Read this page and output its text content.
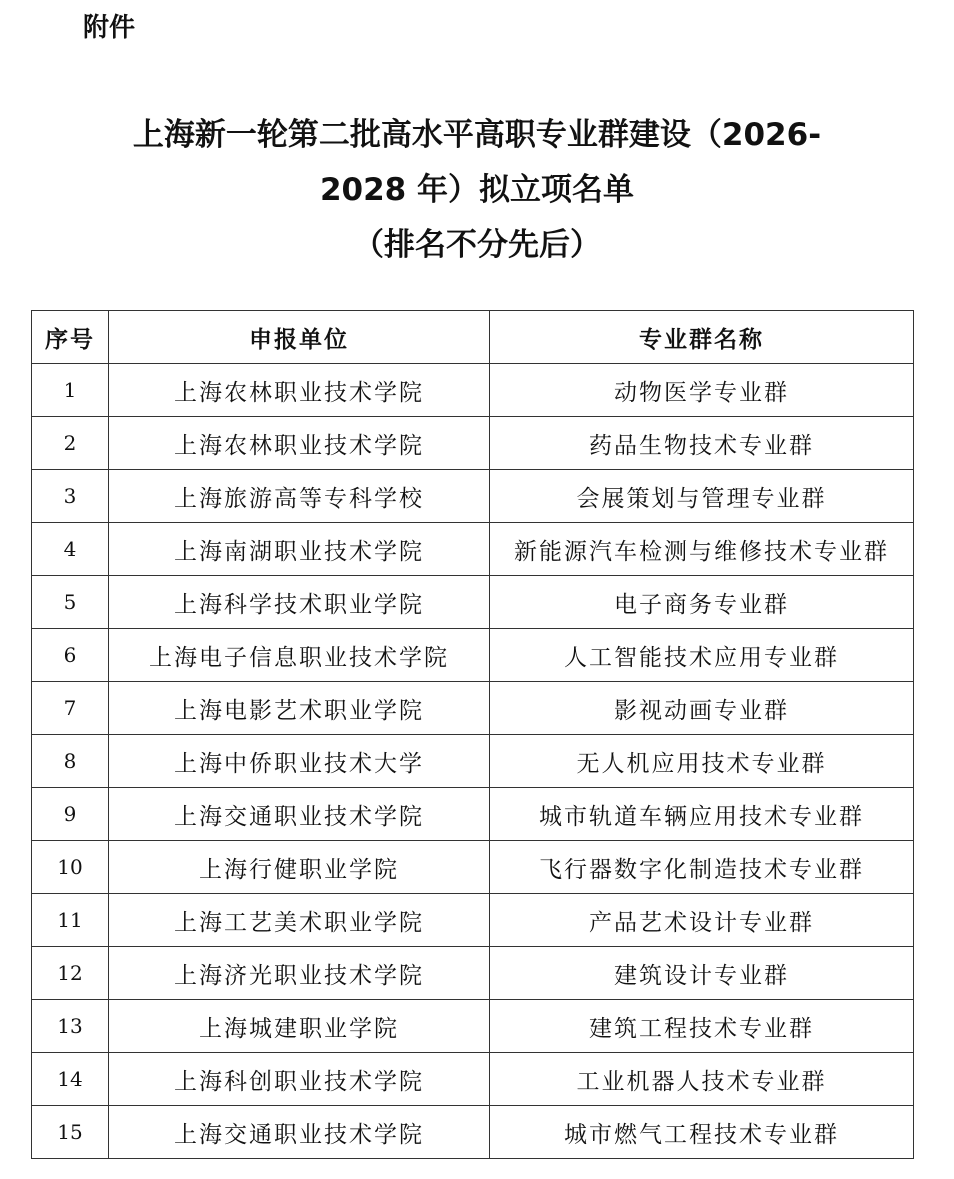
附件
上海新一轮第二批高水平高职专业群建设（2026-
2028 年）拟立项名单
（排名不分先后）
序号	申报单位	专业群名称
1	上海农林职业技术学院	动物医学专业群
2	上海农林职业技术学院	药品生物技术专业群
3	上海旅游高等专科学校	会展策划与管理专业群
4	上海南湖职业技术学院	新能源汽车检测与维修技术专业群
5	上海科学技术职业学院	电子商务专业群
6	上海电子信息职业技术学院	人工智能技术应用专业群
7	上海电影艺术职业学院	影视动画专业群
8	上海中侨职业技术大学	无人机应用技术专业群
9	上海交通职业技术学院	城市轨道车辆应用技术专业群
10	上海行健职业学院	飞行器数字化制造技术专业群
11	上海工艺美术职业学院	产品艺术设计专业群
12	上海济光职业技术学院	建筑设计专业群
13	上海城建职业学院	建筑工程技术专业群
14	上海科创职业技术学院	工业机器人技术专业群
15	上海交通职业技术学院	城市燃气工程技术专业群
